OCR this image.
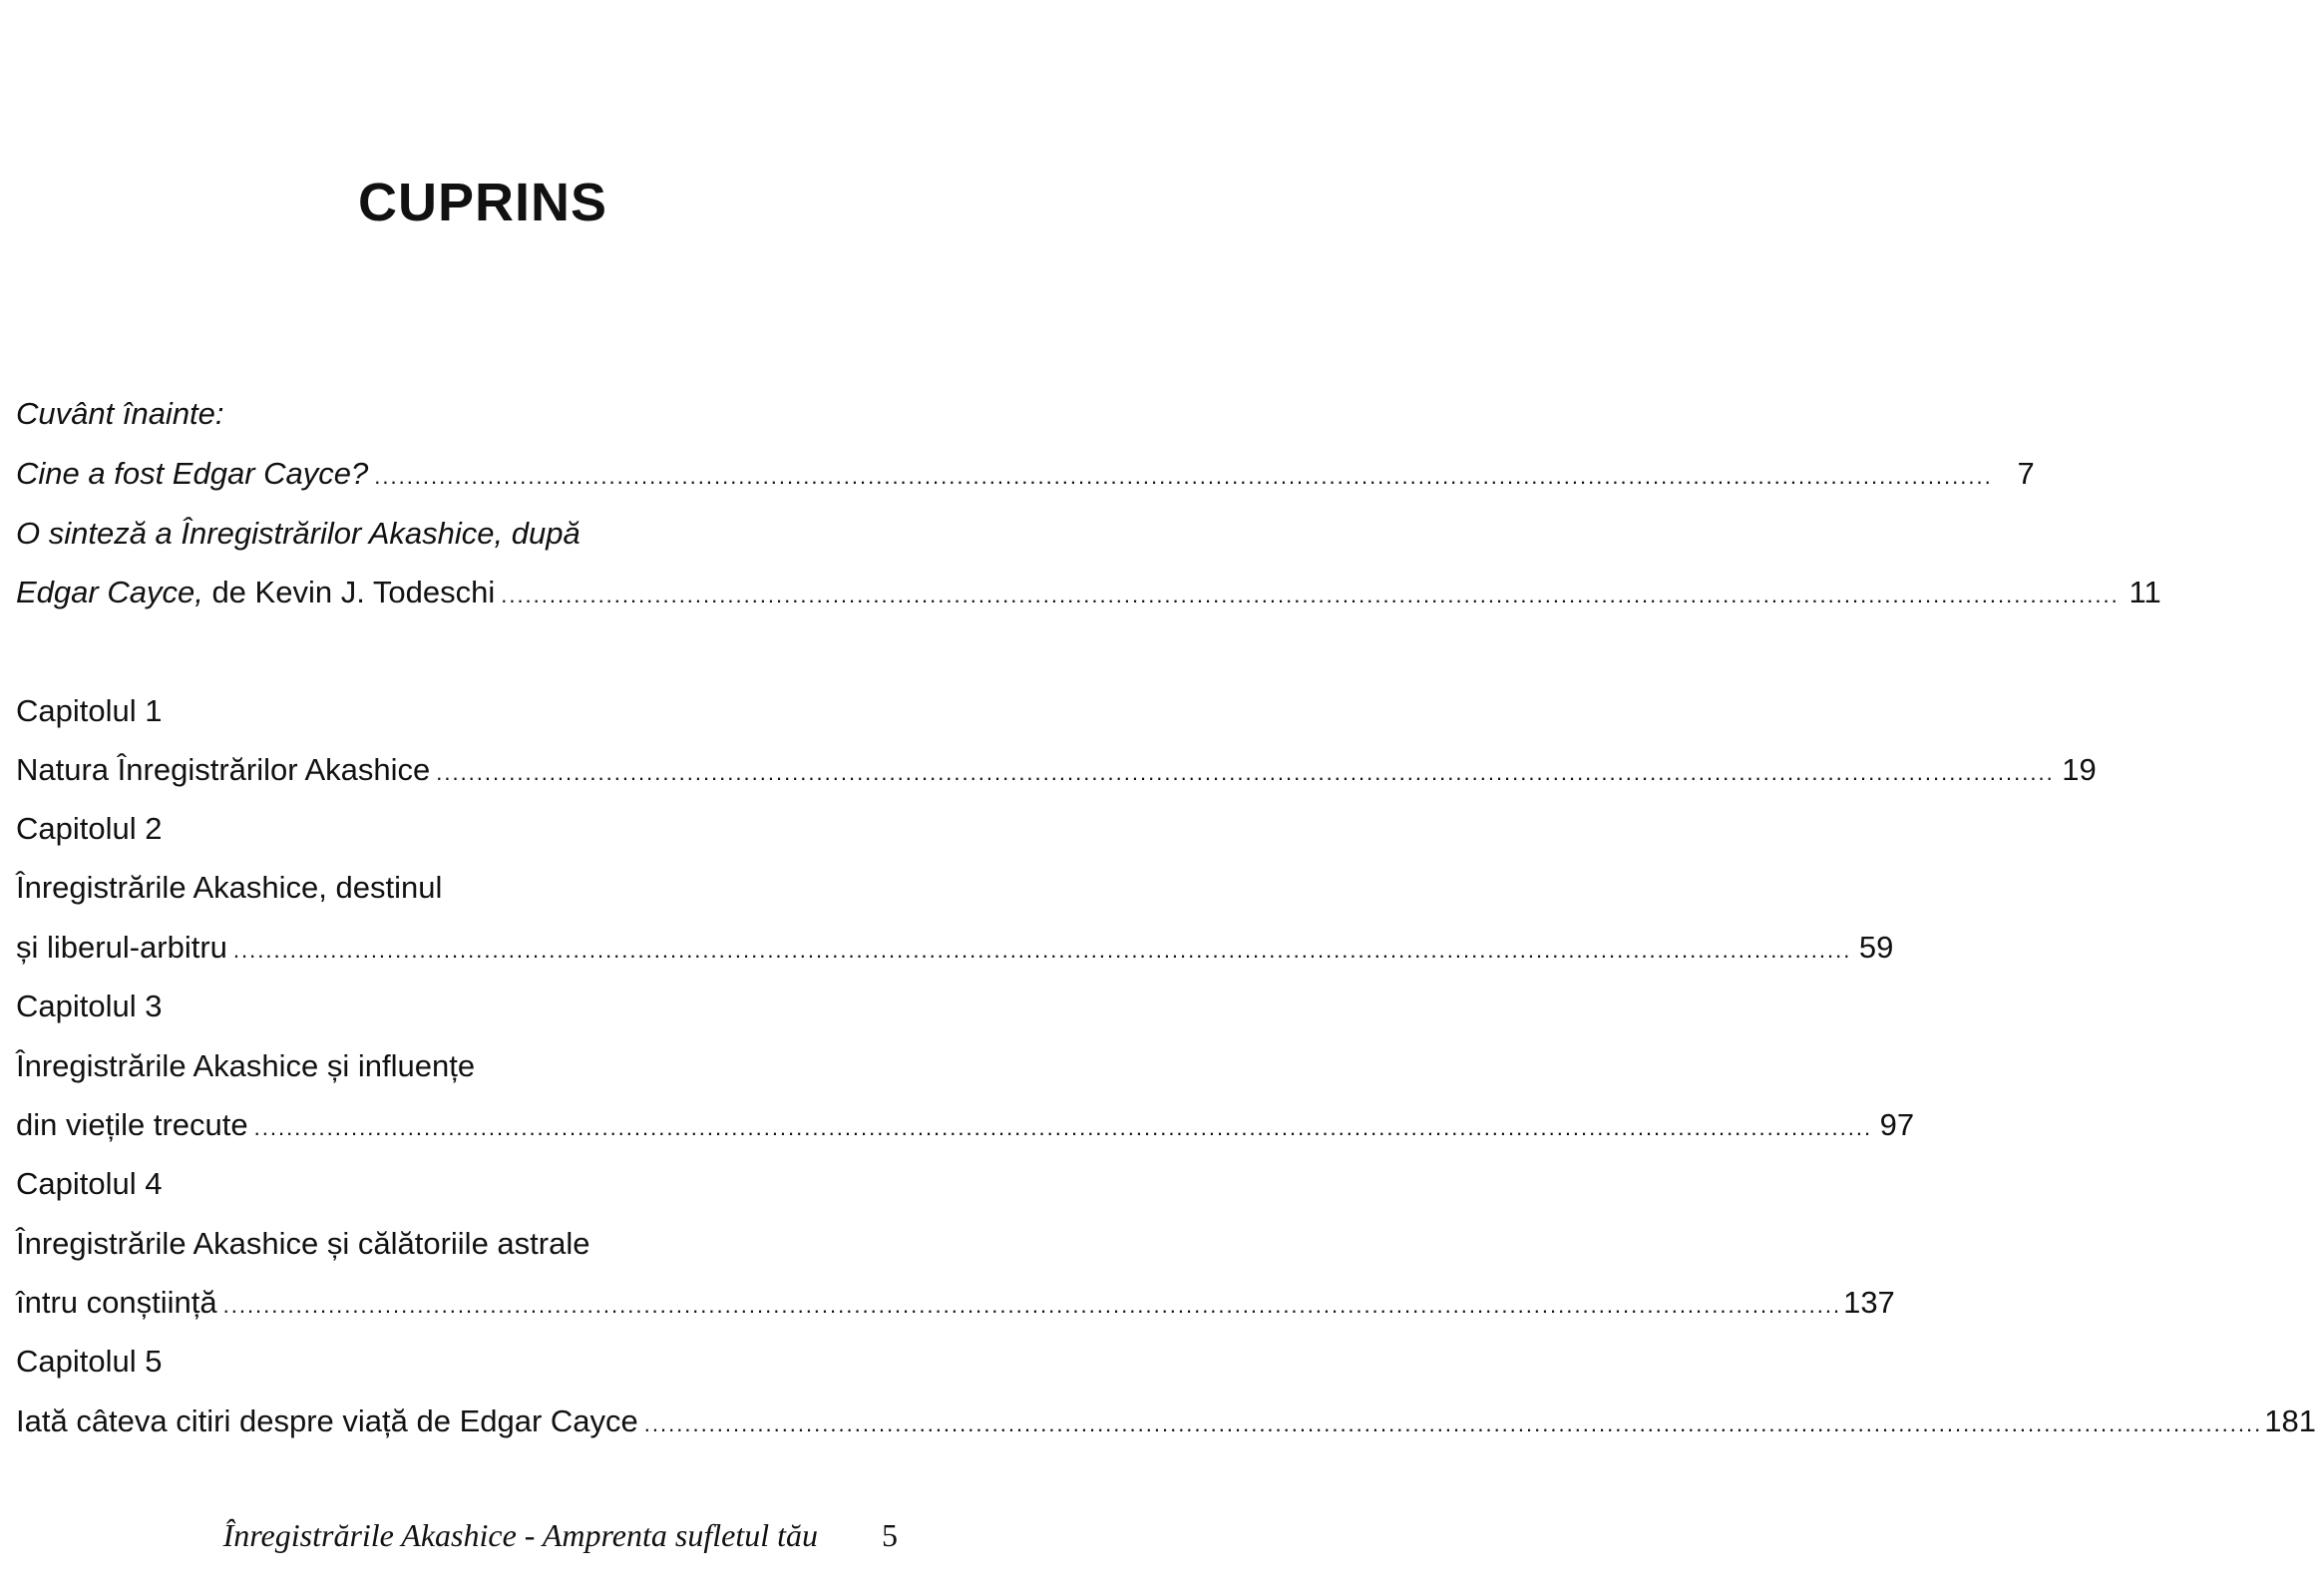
CUPRINS
Cuvânt înainte:
Cine a fost Edgar Cayce? ........................................................................................................................................................................................................ 7
O sinteză a Înregistrărilor Akashice, după
Edgar Cayce, de Kevin J. Todeschi ........................................................................................................................................................................................................ 11
Capitolul 1
Natura Înregistrărilor Akashice ........................................................................................................................................................................................................ 19
Capitolul 2
Înregistrările Akashice, destinul
și liberul-arbitru ........................................................................................................................................................................................................ 59
Capitolul 3
Înregistrările Akashice și influențe
din viețile trecute ........................................................................................................................................................................................................ 97
Capitolul 4
Înregistrările Akashice și călătoriile astrale
întru conștiință ........................................................................................................................................................................................................ 137
Capitolul 5
Iată câteva citiri despre viață de Edgar Cayce ........................................................................................................................................................................................................ 181
Înregistrările Akashice - Amprenta sufletul tău 5
